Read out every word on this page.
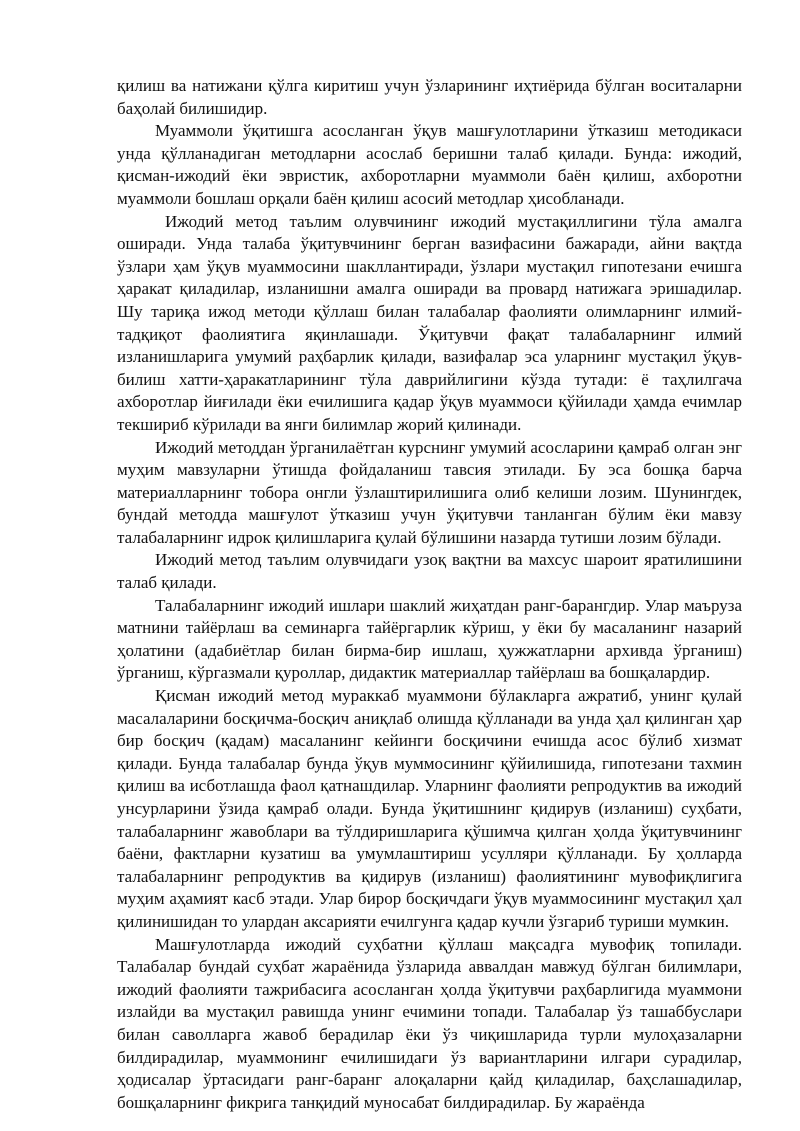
қилиш ва натижани қўлга киритиш учун ўзларининг иҳтиёрида бўлган воситаларни баҳолай билишидир.

Муаммоли ўқитишга асосланган ўқув машғулотларини ўтказиш методикаси унда қўлланадиган методларни асослаб беришни талаб қилади. Бунда: ижодий, қисман-ижодий ёки эвристик, ахборотларни муаммоли баён қилиш, ахборотни муаммоли бошлаш орқали баён қилиш асосий методлар ҳисобланади.

Ижодий метод таълим олувчининг ижодий мустақиллигини тўла амалга оширади. Унда талаба ўқитувчининг берган вазифасини бажаради, айни вақтда ўзлари ҳам ўқув муаммосини шакллантиради, ўзлари мустақил гипотезани ечишга ҳаракат қиладилар, изланишни амалга оширади ва провард натижага эришадилар. Шу тариқа ижод методи қўллаш билан талабалар фаолияти олимларнинг илмий-тадқиқот фаолиятига яқинлашади. Ўқитувчи фақат талабаларнинг илмий изланишларига умумий раҳбарлик қилади, вазифалар эса уларнинг мустақил ўқув-билиш хатти-ҳаракатларининг тўла даврийлигини кўзда тутади: ё таҳлилгача ахборотлар йиғилади ёки ечилишига қадар ўқув муаммоси қўйилади ҳамда ечимлар текшириб кўрилади ва янги билимлар жорий қилинади.

Ижодий методдан ўрганилаётган курснинг умумий асосларини қамраб олган энг муҳим мавзуларни ўтишда фойдаланиш тавсия этилади. Бу эса бошқа барча материалларнинг тобора онгли ўзлаштирилишига олиб келиши лозим. Шунингдек, бундай методда машғулот ўтказиш учун ўқитувчи танланган бўлим ёки мавзу талабаларнинг идрок қилишларига қулай бўлишини назарда тутиши лозим бўлади.

Ижодий метод таълим олувчидаги узоқ вақтни ва махсус шароит яратилишини талаб қилади.

Талабаларнинг ижодий ишлари шаклий жиҳатдан ранг-барангдир. Улар маъруза матнини тайёрлаш ва семинарга тайёргарлик кўриш, у ёки бу масаланинг назарий ҳолатини (адабиётлар билан бирма-бир ишлаш, ҳужжатларни архивда ўрганиш) ўрганиш, кўргазмали қуроллар, дидактик материаллар тайёрлаш ва бошқалардир.

Қисман ижодий метод мураккаб муаммони бўлакларга ажратиб, унинг қулай масалаларини босқичма-босқич аниқлаб олишда қўлланади ва унда ҳал қилинган ҳар бир босқич (қадам) масаланинг кейинги босқичини ечишда асос бўлиб хизмат қилади. Бунда талабалар бунда ўқув муммосининг қўйилишида, гипотезани тахмин қилиш ва исботлашда фаол қатнашдилар. Уларнинг фаолияти репродуктив ва ижодий унсурларини ўзида қамраб олади. Бунда ўқитишнинг қидирув (изланиш) суҳбати, талабаларнинг жавоблари ва тўлдиришларига қўшимча қилган ҳолда ўқитувчининг баёни, фактларни кузатиш ва умумлаштириш усулляри қўлланади. Бу ҳолларда талабаларнинг репродуктив ва қидирув (изланиш) фаолиятининг мувофиқлигига муҳим аҳамият касб этади. Улар бирор босқичдаги ўқув муаммосининг мустақил ҳал қилинишидан то улардан аксарияти ечилгунга қадар кучли ўзгариб туриши мумкин.

Машғулотларда ижодий суҳбатни қўллаш мақсадга мувофиқ топилади. Талабалар бундай суҳбат жараёнида ўзларида аввалдан мавжуд бўлган билимлари, ижодий фаолияти тажрибасига асосланган ҳолда ўқитувчи раҳбарлигида муаммони излайди ва мустақил равишда унинг ечимини топади. Талабалар ўз ташаббуслари билан саволларга жавоб берадилар ёки ўз чиқишларида турли мулоҳазаларни билдирадилар, муаммонинг ечилишидаги ўз вариантларини илгари сурадилар, ҳодисалар ўртасидаги ранг-баранг алоқаларни қайд қиладилар, баҳслашадилар, бошқаларнинг фикрига танқидий муносабат билдирадилар. Бу жараёнда
